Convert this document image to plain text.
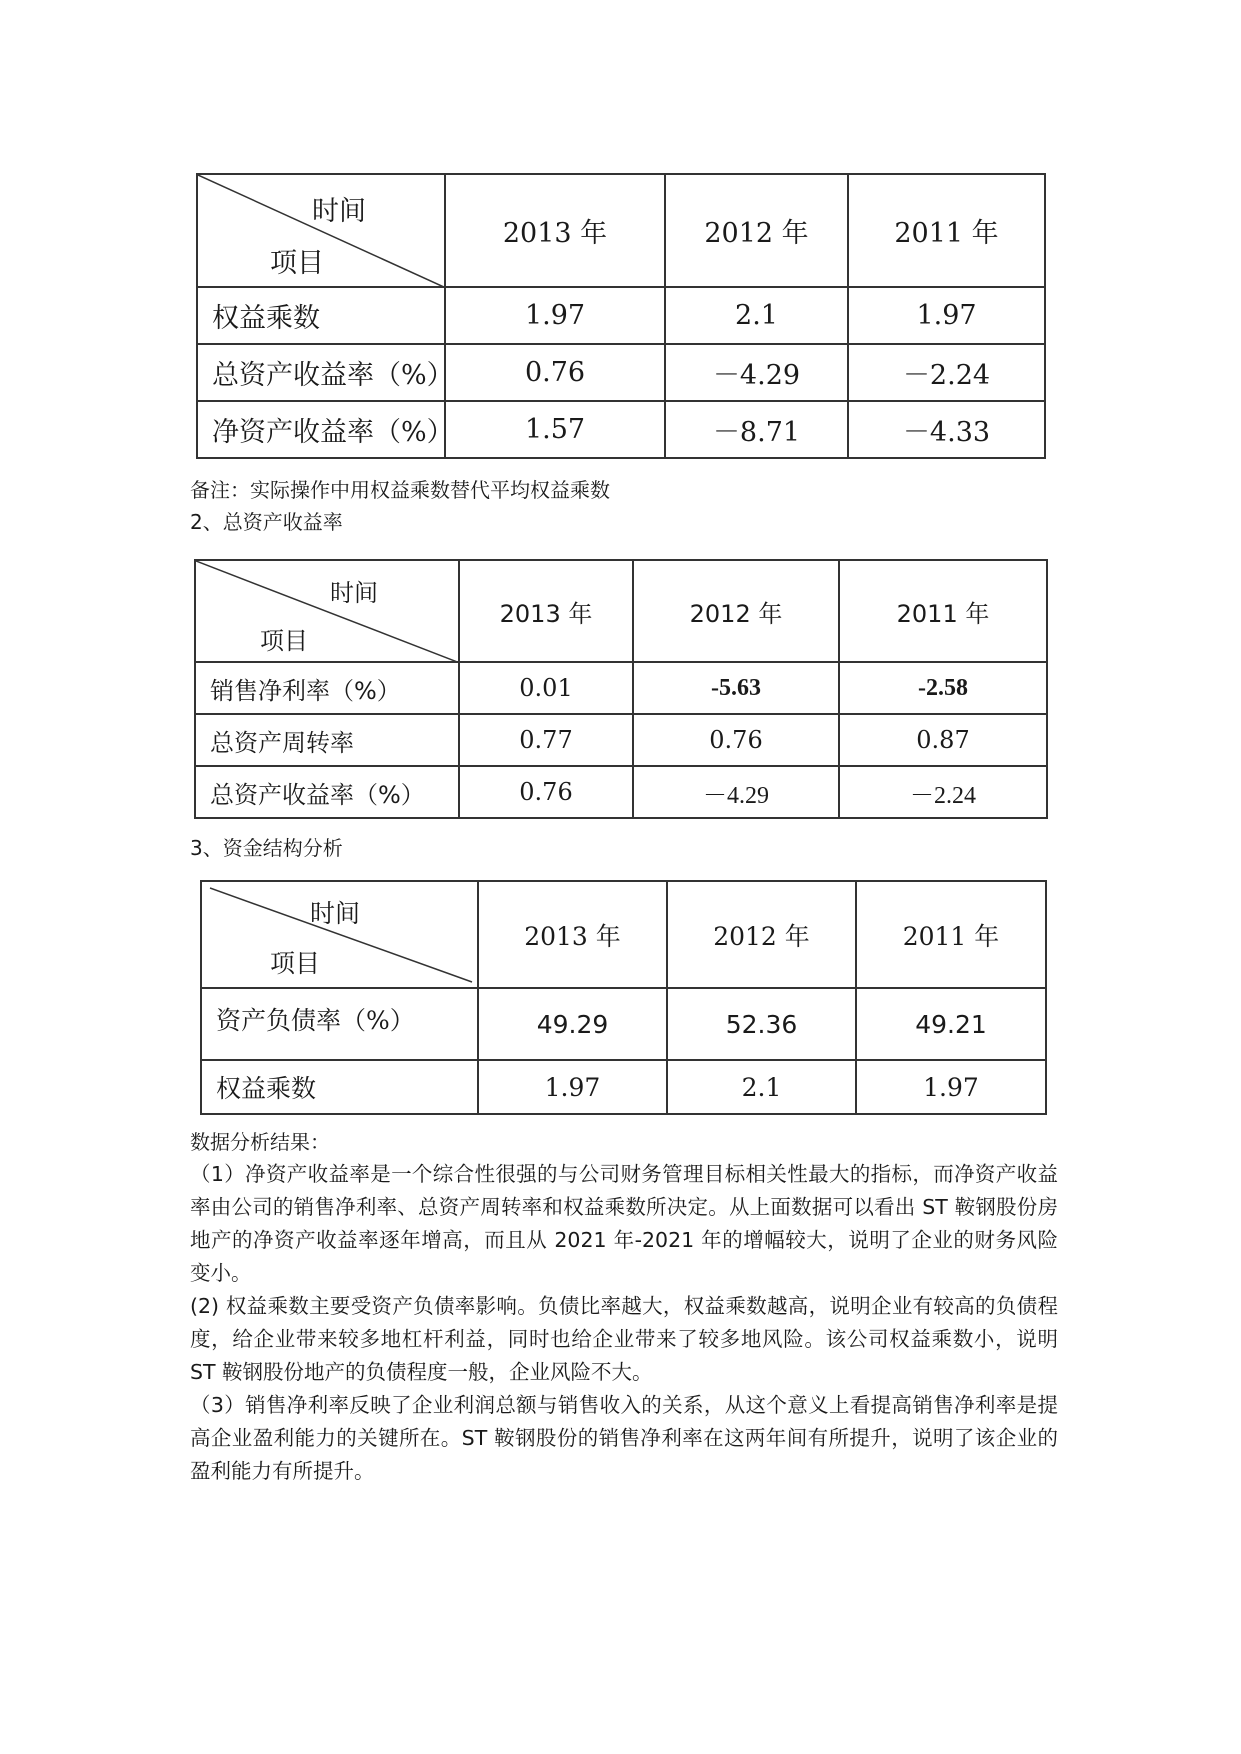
时间
项目	2013 年	2012 年	2011 年
权益乘数	1.97	2.1	1.97
总资产收益率（%）	0.76	－4.29	－2.24
净资产收益率（%）	1.57	－8.71	－4.33
备注：实际操作中用权益乘数替代平均权益乘数
2、总资产收益率
时间
项目	2013 年	2012 年	2011 年
销售净利率（%）	0.01	-5.63	-2.58
总资产周转率	0.77	0.76	0.87
总资产收益率（%）	0.76	－4.29	－2.24
3、资金结构分析
时间
项目	2013 年	2012 年	2011 年
资产负债率（%）	49.29	52.36	49.21
权益乘数	1.97	2.1	1.97
数据分析结果：
（1）净资产收益率是一个综合性很强的与公司财务管理目标相关性最大的指标，而净资产收益率由公司的销售净利率、总资产周转率和权益乘数所决定。从上面数据可以看出 ST 鞍钢股份房地产的净资产收益率逐年增高，而且从 2021 年-2021 年的增幅较大，说明了企业的财务风险变小。
(2) 权益乘数主要受资产负债率影响。负债比率越大，权益乘数越高，说明企业有较高的负债程度，给企业带来较多地杠杆利益，同时也给企业带来了较多地风险。该公司权益乘数小，说明 ST 鞍钢股份地产的负债程度一般，企业风险不大。
（3）销售净利率反映了企业利润总额与销售收入的关系，从这个意义上看提高销售净利率是提高企业盈利能力的关键所在。ST 鞍钢股份的销售净利率在这两年间有所提升，说明了该企业的盈利能力有所提升。
